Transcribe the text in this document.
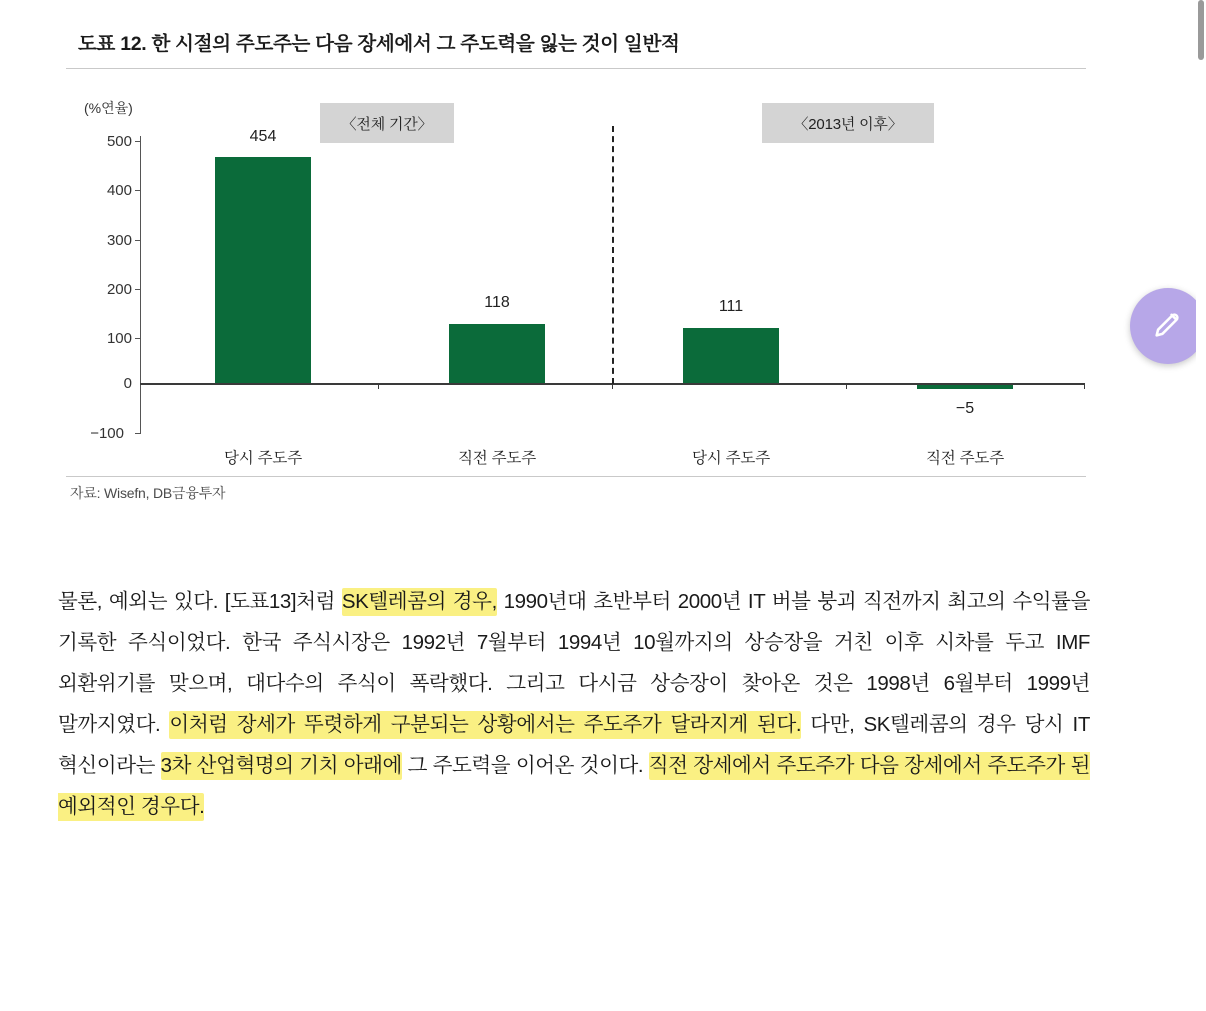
도표 12. 한 시절의 주도주는 다음 장세에서 그 주도력을 잃는 것이 일반적
(%연율)
500
400
300
200
100
0
−100
〈전체 기간〉	〈2013년 이후〉
454
당시 주도주
118
직전 주도주
111
당시 주도주
−5
직전 주도주
자료: Wisefn, DB금융투자

물론, 예외는 있다. [도표13]처럼 SK텔레콤의 경우, 1990년대 초반부터 2000년 IT 버블 붕괴 직전까지 최고의 수익률을 기록한 주식이었다. 한국 주식시장은 1992년 7월부터 1994년 10월까지의 상승장을 거친 이후 시차를 두고 IMF 외환위기를 맞으며, 대다수의 주식이 폭락했다. 그리고 다시금 상승장이 찾아온 것은 1998년 6월부터 1999년 말까지였다. 이처럼 장세가 뚜렷하게 구분되는 상황에서는 주도주가 달라지게 된다. 다만, SK텔레콤의 경우 당시 IT 혁신이라는 3차 산업혁명의 기치 아래에 그 주도력을 이어온 것이다. 직전 장세에서 주도주가 다음 장세에서 주도주가 된 예외적인 경우다.
